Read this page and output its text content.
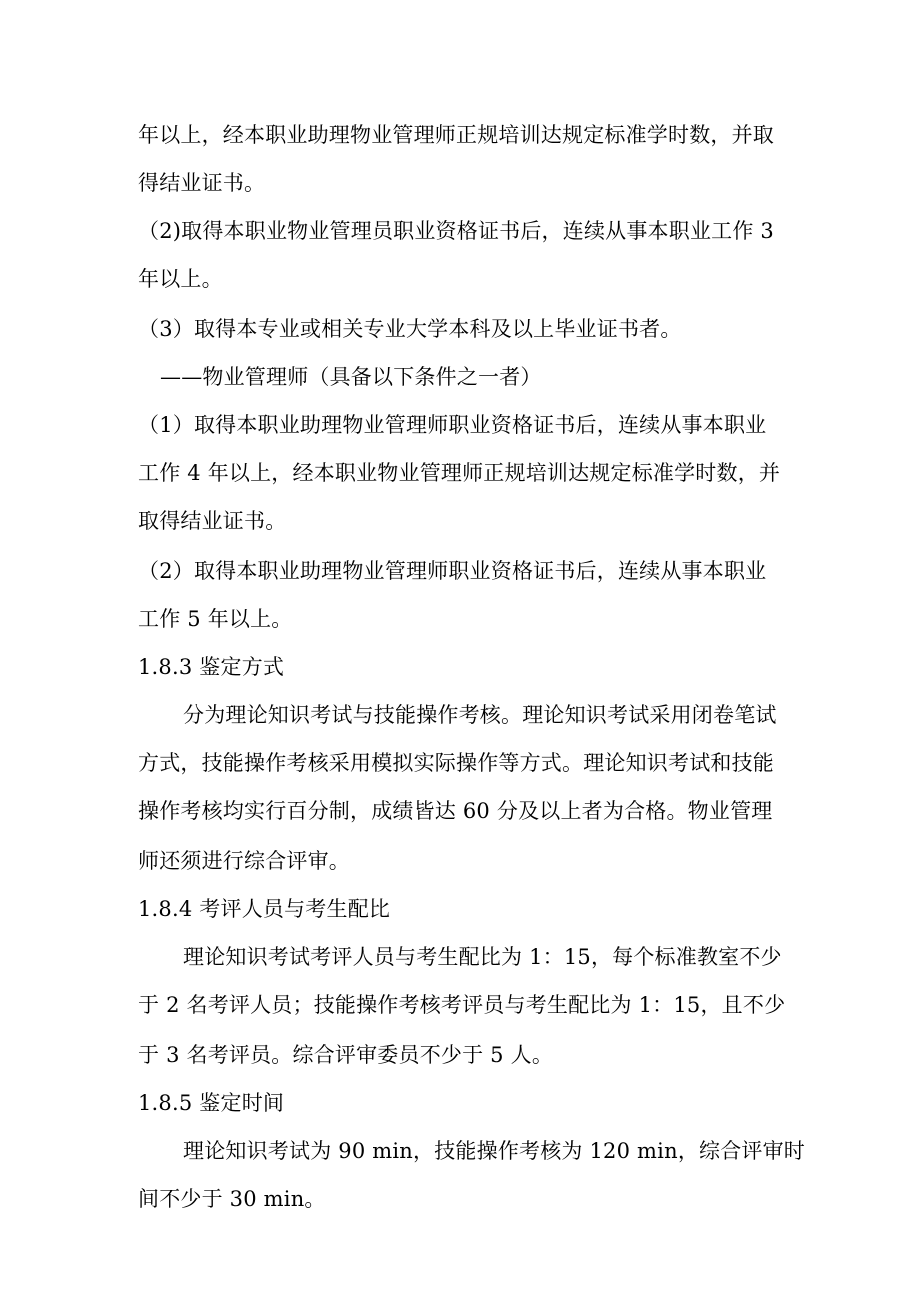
年以上，经本职业助理物业管理师正规培训达规定标准学时数，并取
得结业证书。
（2)取得本职业物业管理员职业资格证书后，连续从事本职业工作 3
年以上。
（3）取得本专业或相关专业大学本科及以上毕业证书者。
——物业管理师（具备以下条件之一者）
（1）取得本职业助理物业管理师职业资格证书后，连续从事本职业
工作 4 年以上，经本职业物业管理师正规培训达规定标准学时数，并
取得结业证书。
（2）取得本职业助理物业管理师职业资格证书后，连续从事本职业
工作 5 年以上。
1.8.3 鉴定方式
分为理论知识考试与技能操作考核。理论知识考试采用闭卷笔试
方式，技能操作考核采用模拟实际操作等方式。理论知识考试和技能
操作考核均实行百分制，成绩皆达 60 分及以上者为合格。物业管理
师还须进行综合评审。
1.8.4 考评人员与考生配比
理论知识考试考评人员与考生配比为 1：15，每个标准教室不少
于 2 名考评人员；技能操作考核考评员与考生配比为 1：15，且不少
于 3 名考评员。综合评审委员不少于 5 人。
1.8.5 鉴定时间
理论知识考试为 90 min，技能操作考核为 120 min，综合评审时
间不少于 30 min。
